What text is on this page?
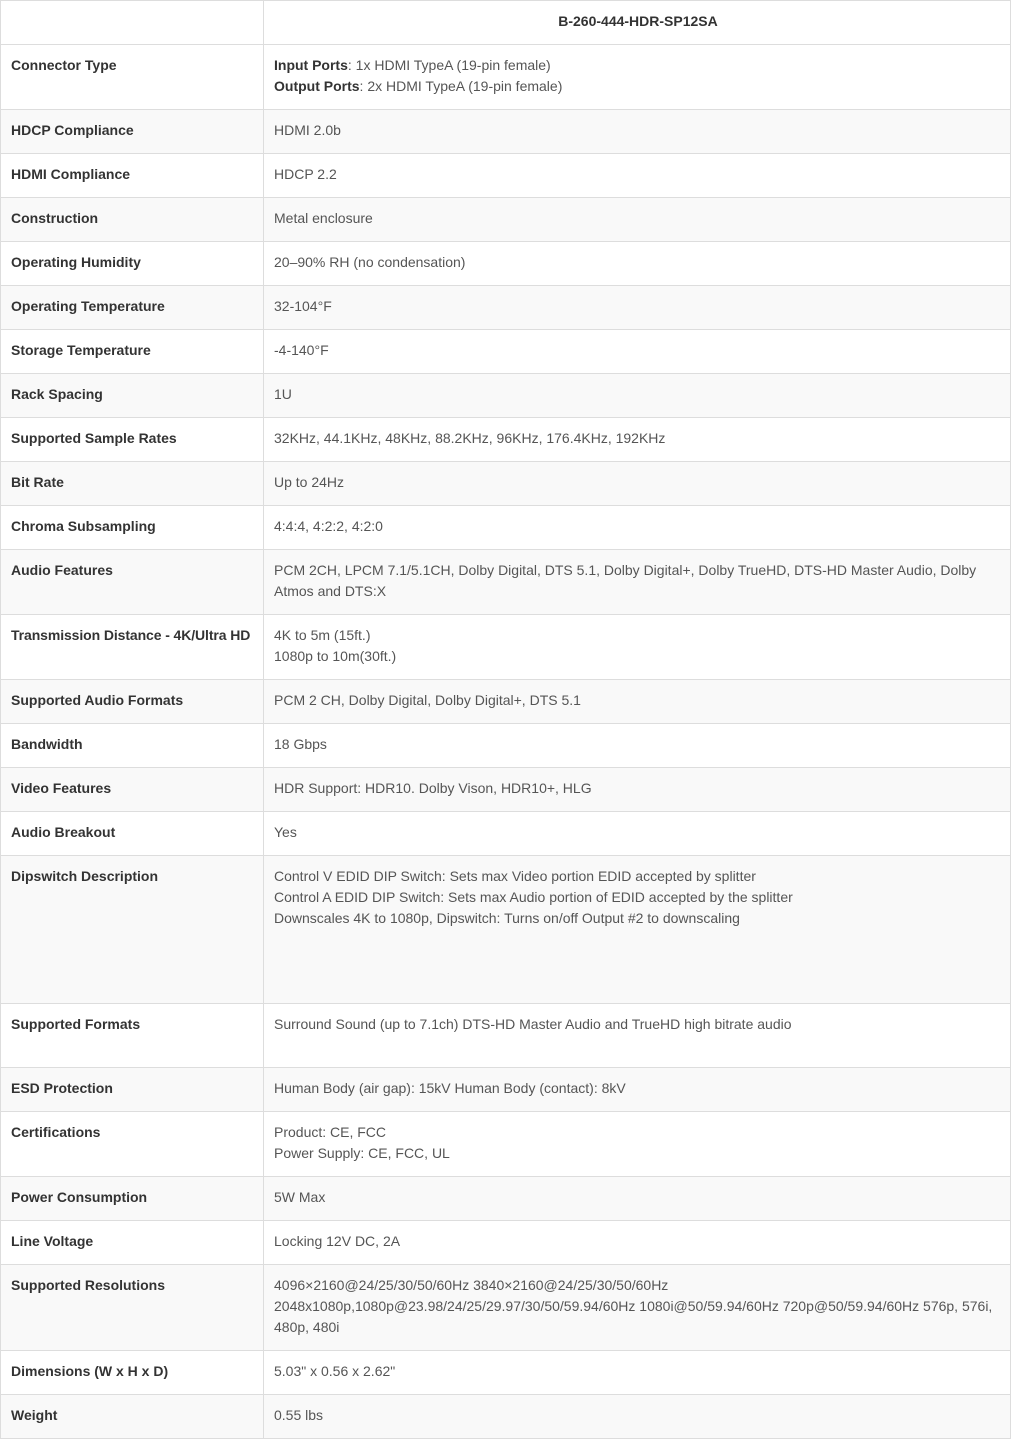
	B-260-444-HDR-SP12SA
Connector Type	Input Ports: 1x HDMI TypeA (19-pin female)
Output Ports: 2x HDMI TypeA (19-pin female)

HDCP Compliance	HDMI 2.0b
HDMI Compliance	HDCP 2.2
Construction	Metal enclosure
Operating Humidity	20–90% RH (no condensation)
Operating Temperature	32-104°F
Storage Temperature	-4-140°F
Rack Spacing	1U
Supported Sample Rates	32KHz, 44.1KHz, 48KHz, 88.2KHz, 96KHz, 176.4KHz, 192KHz
Bit Rate	Up to 24Hz
Chroma Subsampling	4:4:4, 4:2:2, 4:2:0
Audio Features	PCM 2CH, LPCM 7.1/5.1CH, Dolby Digital, DTS 5.1, Dolby Digital+, Dolby TrueHD, DTS-HD Master Audio, Dolby Atmos and DTS:X
Transmission Distance - 4K/Ultra HD	4K to 5m (15ft.)
1080p to 10m(30ft.)

Supported Audio Formats	PCM 2 CH, Dolby Digital, Dolby Digital+, DTS 5.1
Bandwidth	18 Gbps
Video Features	HDR Support: HDR10. Dolby Vison, HDR10+, HLG
Audio Breakout	Yes
Dipswitch Description	Control V EDID DIP Switch: Sets max Video portion EDID accepted by splitter
Control A EDID DIP Switch: Sets max Audio portion of EDID accepted by the splitter
Downscales 4K to 1080p, Dipswitch: Turns on/off Output #2 to downscaling

Supported Formats	Surround Sound (up to 7.1ch) DTS-HD Master Audio and TrueHD high bitrate audio
ESD Protection	Human Body (air gap): 15kV Human Body (contact): 8kV
Certifications	Product: CE, FCC
Power Supply: CE, FCC, UL

Power Consumption	5W Max
Line Voltage	Locking 12V DC, 2A
Supported Resolutions	4096×2160@24/25/30/50/60Hz 3840×2160@24/25/30/50/60Hz 2048x1080p,1080p@23.98/24/25/29.97/30/50/59.94/60Hz 1080i@50/59.94/60Hz 720p@50/59.94/60Hz 576p, 576i, 480p, 480i
Dimensions (W x H x D)	5.03" x 0.56 x 2.62"
Weight	0.55 lbs
